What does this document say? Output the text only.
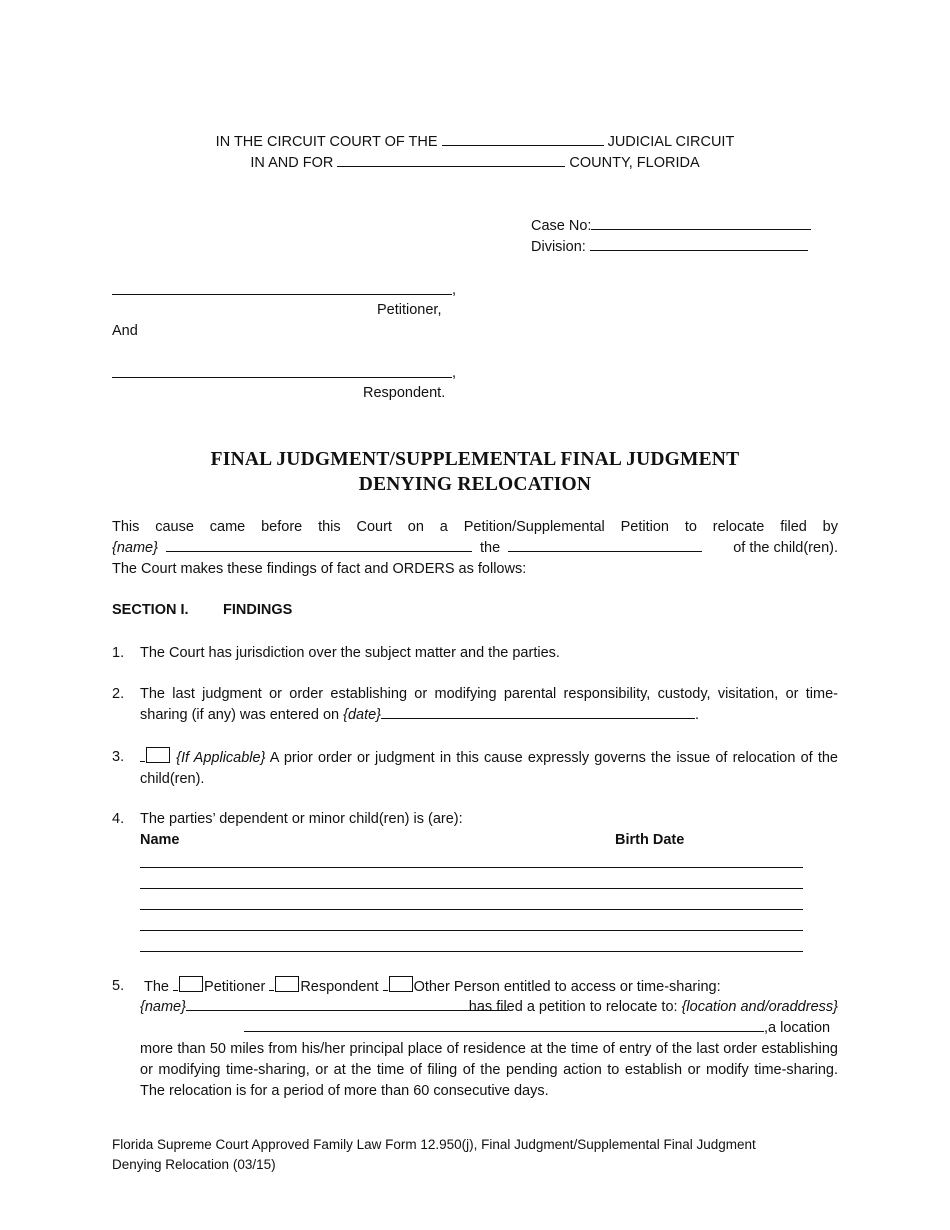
IN THE CIRCUIT COURT OF THE	JUDICIAL CIRCUIT
IN AND FOR	COUNTY, FLORIDA
Case No:
Division:
,
Petitioner,
And
,
Respondent.
FINAL JUDGMENT/SUPPLEMENTAL FINAL JUDGMENT
DENYING RELOCATION
This cause came before this Court on a Petition/Supplemental Petition to relocate filed by
{name}	the	of the child(ren).
The Court makes these findings of fact and ORDERS as follows:
SECTION I. FINDINGS
1. The Court has jurisdiction over the subject matter and the parties.
2. The last judgment or order establishing or modifying parental responsibility, custody, visitation, or time-sharing (if any) was entered on {date}	.
3.	{If Applicable} A prior order or judgment in this cause expressly governs the issue of relocation of the child(ren).
4. The parties’ dependent or minor child(ren) is (are):
Name	Birth Date
5. The Petitioner Respondent Other Person entitled to access or time-sharing:
{name}	has filed a petition to relocate to: {location and/oraddress}
,a location
more than 50 miles from his/her principal place of residence at the time of entry of the last order establishing or modifying time-sharing, or at the time of filing of the pending action to establish or modify time-sharing. The relocation is for a period of more than 60 consecutive days.
Florida Supreme Court Approved Family Law Form 12.950(j), Final Judgment/Supplemental Final Judgment
Denying Relocation (03/15)
